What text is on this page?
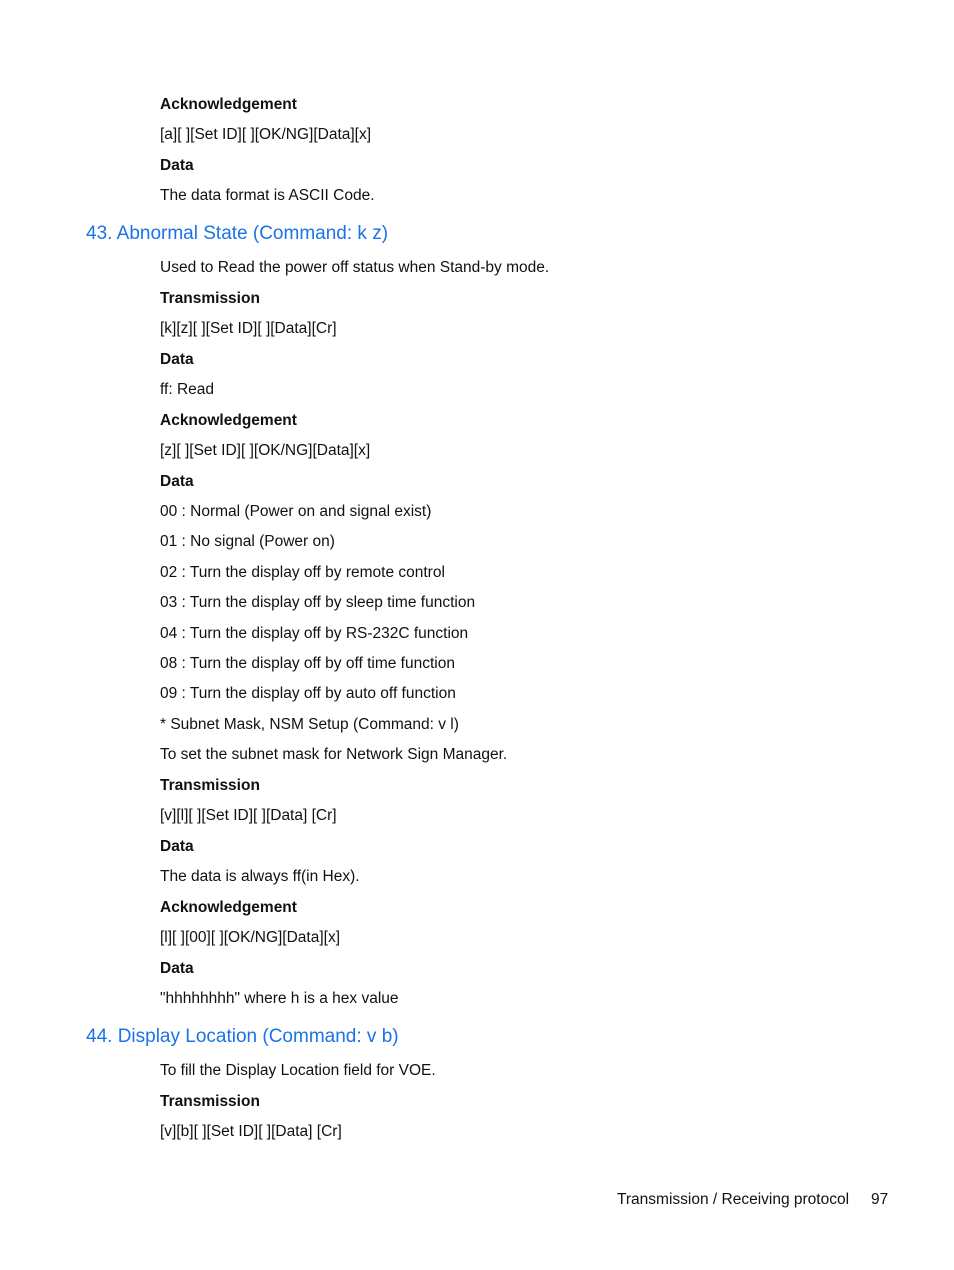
Acknowledgement
[a][ ][Set ID][ ][OK/NG][Data][x]
Data
The data format is ASCII Code.
43. Abnormal State (Command: k z)
Used to Read the power off status when Stand-by mode.
Transmission
[k][z][ ][Set ID][ ][Data][Cr]
Data
ff: Read
Acknowledgement
[z][ ][Set ID][ ][OK/NG][Data][x]
Data
00 : Normal (Power on and signal exist)
01 : No signal (Power on)
02 : Turn the display off by remote control
03 : Turn the display off by sleep time function
04 : Turn the display off by RS-232C function
08 : Turn the display off by off time function
09 : Turn the display off by auto off function
* Subnet Mask, NSM Setup (Command: v l)
To set the subnet mask for Network Sign Manager.
Transmission
[v][l][ ][Set ID][ ][Data] [Cr]
Data
The data is always ff(in Hex).
Acknowledgement
[l][ ][00][ ][OK/NG][Data][x]
Data
"hhhhhhhh" where h is a hex value
44. Display Location (Command: v b)
To fill the Display Location field for VOE.
Transmission
[v][b][ ][Set ID][ ][Data] [Cr]
Transmission / Receiving protocol 97
